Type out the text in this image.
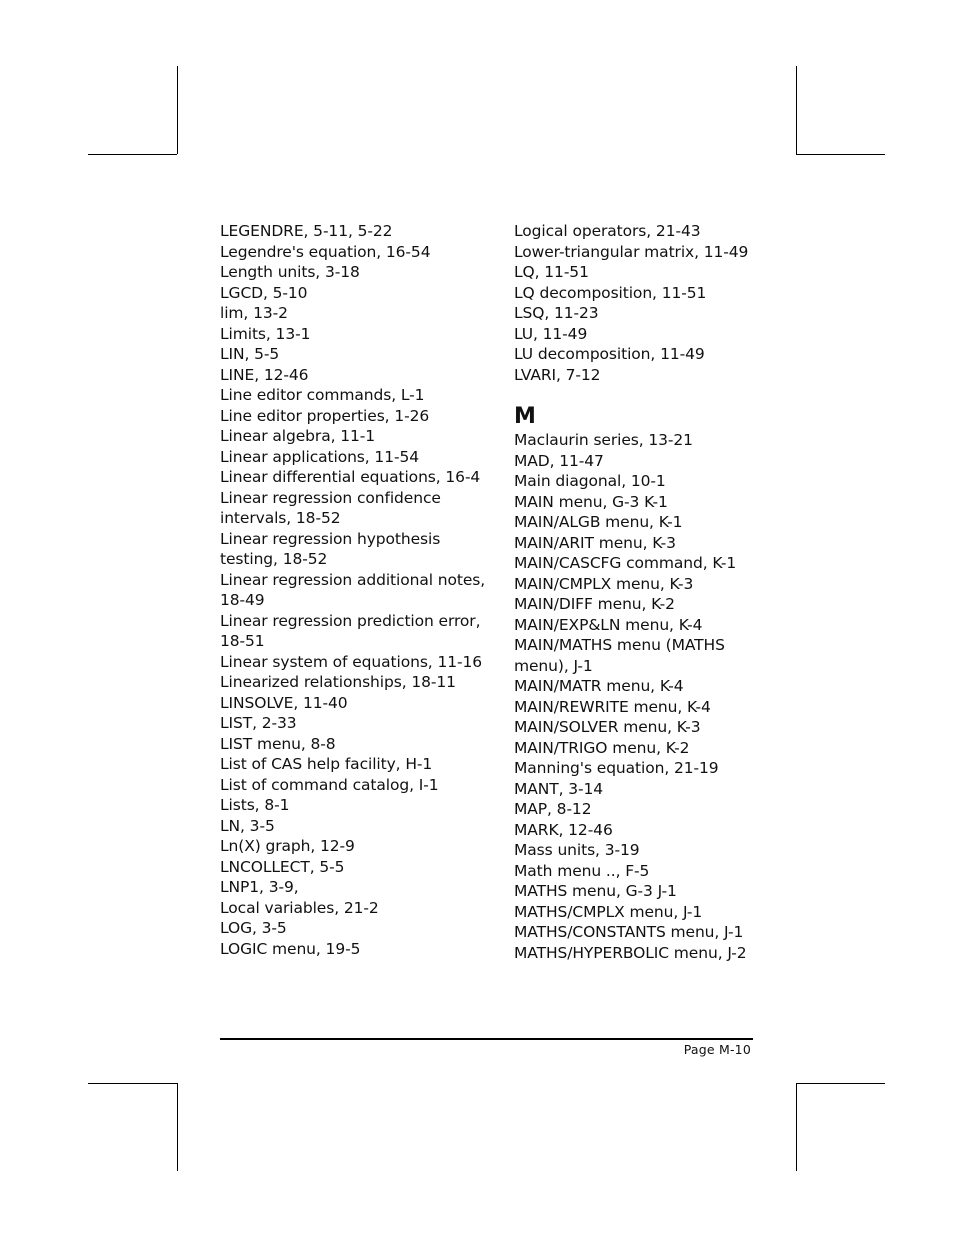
LEGENDRE, 5-11, 5-22
Legendre's equation, 16-54
Length units, 3-18
LGCD, 5-10
lim, 13-2
Limits, 13-1
LIN, 5-5
LINE, 12-46
Line editor commands, L-1
Line editor properties, 1-26
Linear algebra, 11-1
Linear applications, 11-54
Linear differential equations, 16-4
Linear regression confidence
intervals, 18-52
Linear regression hypothesis
testing, 18-52
Linear regression additional notes,
18-49
Linear regression prediction error,
18-51
Linear system of equations, 11-16
Linearized relationships, 18-11
LINSOLVE, 11-40
LIST, 2-33
LIST menu, 8-8
List of CAS help facility, H-1
List of command catalog, I-1
Lists, 8-1
LN, 3-5
Ln(X) graph, 12-9
LNCOLLECT, 5-5
LNP1, 3-9,
Local variables, 21-2
LOG, 3-5
LOGIC menu, 19-5
Logical operators, 21-43
Lower-triangular matrix, 11-49
LQ, 11-51
LQ decomposition, 11-51
LSQ, 11-23
LU, 11-49
LU decomposition, 11-49
LVARI, 7-12
M
Maclaurin series, 13-21
MAD, 11-47
Main diagonal, 10-1
MAIN menu, G-3 K-1
MAIN/ALGB menu, K-1
MAIN/ARIT menu, K-3
MAIN/CASCFG command, K-1
MAIN/CMPLX menu, K-3
MAIN/DIFF menu, K-2
MAIN/EXP&LN menu, K-4
MAIN/MATHS menu (MATHS
menu), J-1
MAIN/MATR menu, K-4
MAIN/REWRITE menu, K-4
MAIN/SOLVER menu, K-3
MAIN/TRIGO menu, K-2
Manning's equation, 21-19
MANT, 3-14
MAP, 8-12
MARK, 12-46
Mass units, 3-19
Math menu .., F-5
MATHS menu, G-3 J-1
MATHS/CMPLX menu, J-1
MATHS/CONSTANTS menu, J-1
MATHS/HYPERBOLIC menu, J-2
Page M-10
